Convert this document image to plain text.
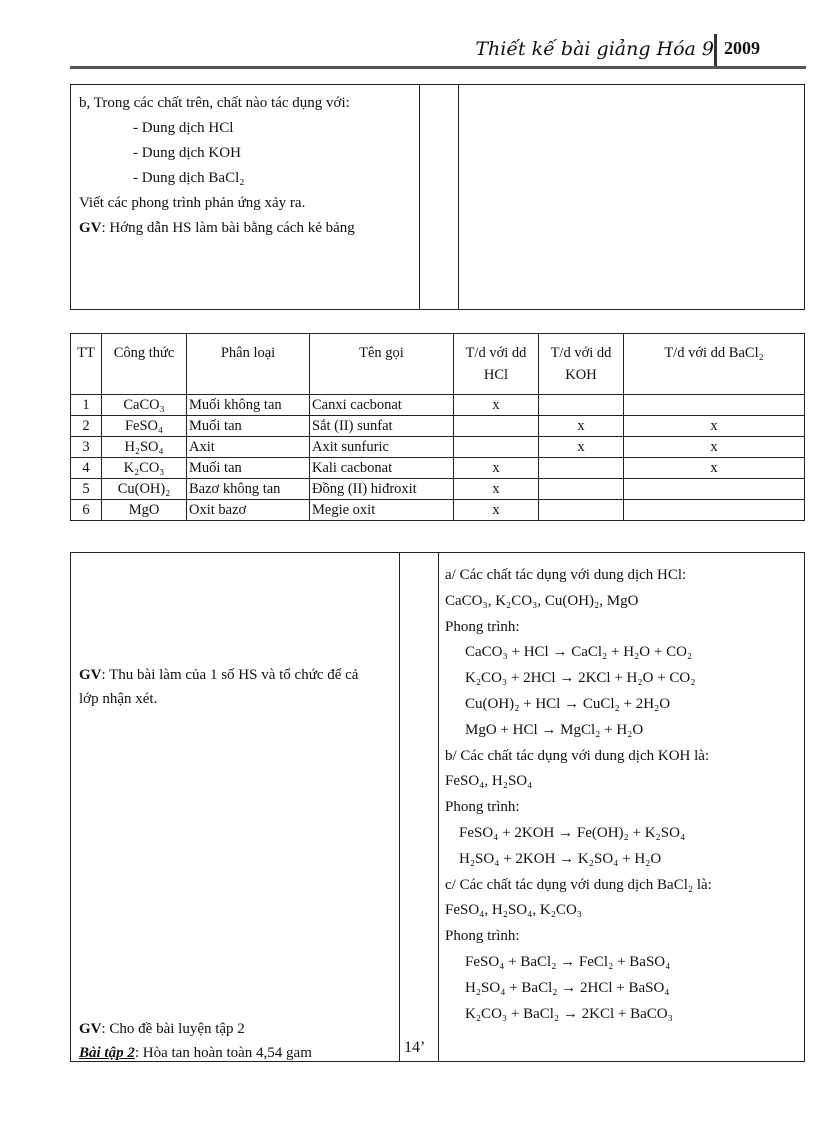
Thiết kế bài giảng Hóa 9 2009
b, Trong các chất trên, chất nào tác dụng với:
- Dung dịch HCl
- Dung dịch KOH
- Dung dịch BaCl₂
Viết các phong trình phản ứng xảy ra.
GV: Hớng dẫn HS làm bài bằng cách kẻ bảng

TT	Công thức	Phân loại	Tên gọi	T/d với dd HCl	T/d với dd KOH	T/d với dd BaCl₂
1	CaCO₃	Muối không tan	Canxi cacbonat	x		
2	FeSO₄	Muối tan	Sắt (II) sunfat		x	x
3	H₂SO₄	Axit	Axit sunfuric		x	x
4	K₂CO₃	Muối tan	Kali cacbonat	x		x
5	Cu(OH)₂	Bazơ không tan	Đồng (II) hiđroxit	x		
6	MgO	Oxit bazơ	Megie oxit	x		
GV: Thu bài làm của 1 số HS và tổ chức để cả lớp nhận xét.
GV: Cho đề bài luyện tập 2
Bài tập 2: Hòa tan hoàn toàn 4,54 gam	14’

a/ Các chất tác dụng với dung dịch HCl:
CaCO₃, K₂CO₃, Cu(OH)₂, MgO
Phong trình:
CaCO₃ + HCl → CaCl₂ + H₂O + CO₂
K₂CO₃ + 2HCl → 2KCl + H₂O + CO₂
Cu(OH)₂ + HCl → CuCl₂ + 2H₂O
MgO + HCl → MgCl₂ + H₂O
b/ Các chất tác dụng với dung dịch KOH là:
FeSO₄, H₂SO₄
Phong trình:
FeSO₄ + 2KOH → Fe(OH)₂ + K₂SO₄
H₂SO₄ + 2KOH → K₂SO₄ + H₂O
c/ Các chất tác dụng với dung dịch BaCl₂ là:
FeSO₄, H₂SO₄, K₂CO₃
Phong trình:
FeSO₄ + BaCl₂ → FeCl₂ + BaSO₄
H₂SO₄ + BaCl₂ → 2HCl + BaSO₄
K₂CO₃ + BaCl₂ → 2KCl + BaCO₃
